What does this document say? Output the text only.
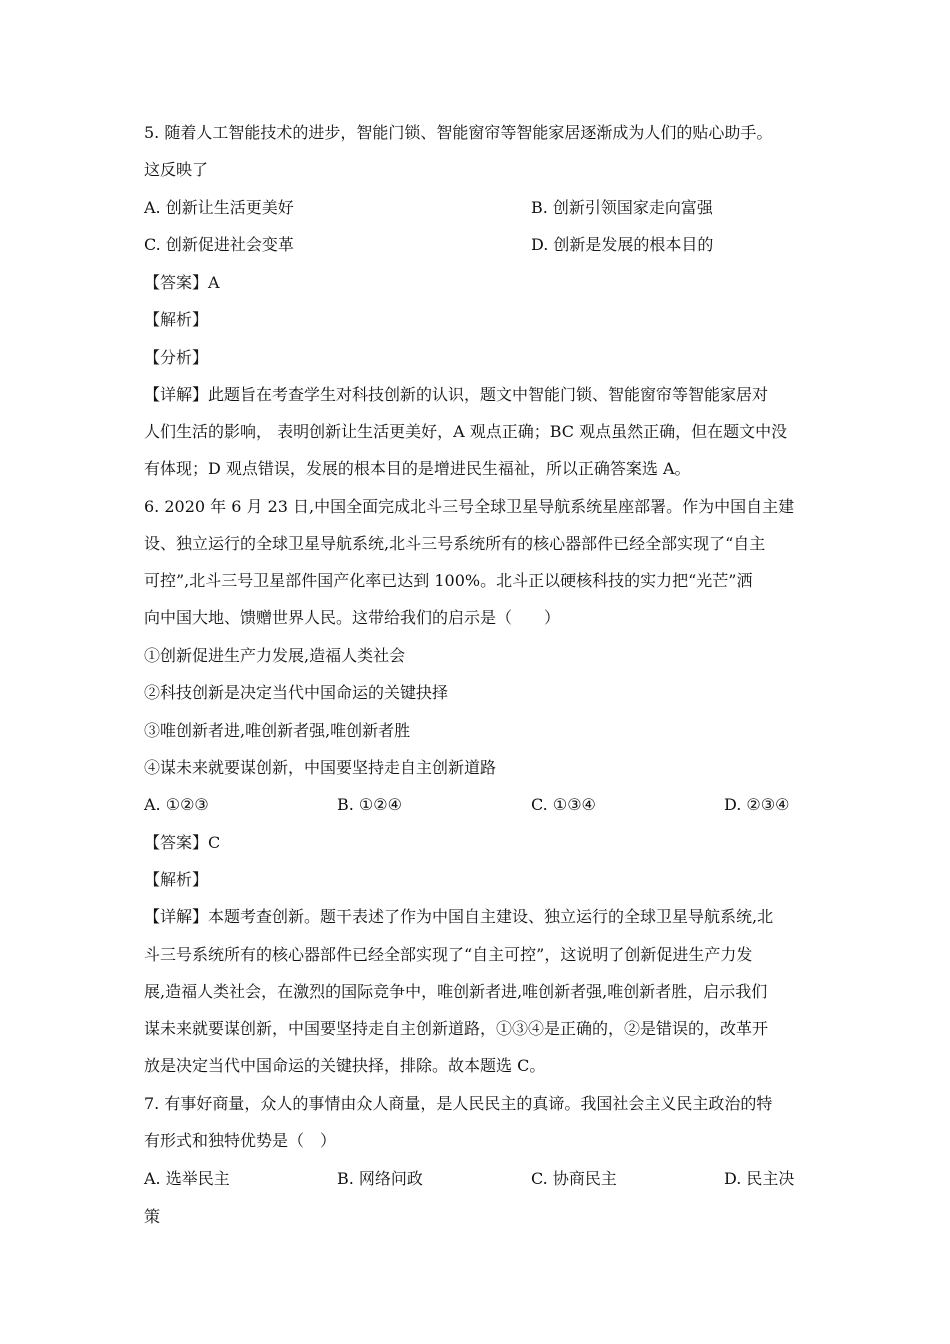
5. 随着人工智能技术的进步，智能门锁、智能窗帘等智能家居逐渐成为人们的贴心助手。
这反映了
A. 创新让生活更美好	B. 创新引领国家走向富强
C. 创新促进社会变革	D. 创新是发展的根本目的
【答案】A
【解析】
【分析】
【详解】此题旨在考查学生对科技创新的认识，题文中智能门锁、智能窗帘等智能家居对
人们生活的影响， 表明创新让生活更美好，A 观点正确；BC 观点虽然正确，但在题文中没
有体现；D 观点错误，发展的根本目的是增进民生福祉，所以正确答案选 A。
6. 2020 年 6 月 23 日,中国全面完成北斗三号全球卫星导航系统星座部署。作为中国自主建
设、独立运行的全球卫星导航系统,北斗三号系统所有的核心器部件已经全部实现了“自主
可控”,北斗三号卫星部件国产化率已达到 100%。北斗正以硬核科技的实力把“光芒”洒
向中国大地、馈赠世界人民。这带给我们的启示是（　　）
①创新促进生产力发展,造福人类社会
②科技创新是决定当代中国命运的关键抉择
③唯创新者进,唯创新者强,唯创新者胜
④谋未来就要谋创新，中国要坚持走自主创新道路
A. ①②③	B. ①②④	C. ①③④	D. ②③④
【答案】C
【解析】
【详解】本题考查创新。题干表述了作为中国自主建设、独立运行的全球卫星导航系统,北
斗三号系统所有的核心器部件已经全部实现了“自主可控”，这说明了创新促进生产力发
展,造福人类社会，在激烈的国际竞争中，唯创新者进,唯创新者强,唯创新者胜，启示我们
谋未来就要谋创新，中国要坚持走自主创新道路，①③④是正确的，②是错误的，改革开
放是决定当代中国命运的关键抉择，排除。故本题选 C。
7. 有事好商量，众人的事情由众人商量，是人民民主的真谛。我国社会主义民主政治的特
有形式和独特优势是（　）
A. 选举民主	B. 网络问政	C. 协商民主	D. 民主决
策
